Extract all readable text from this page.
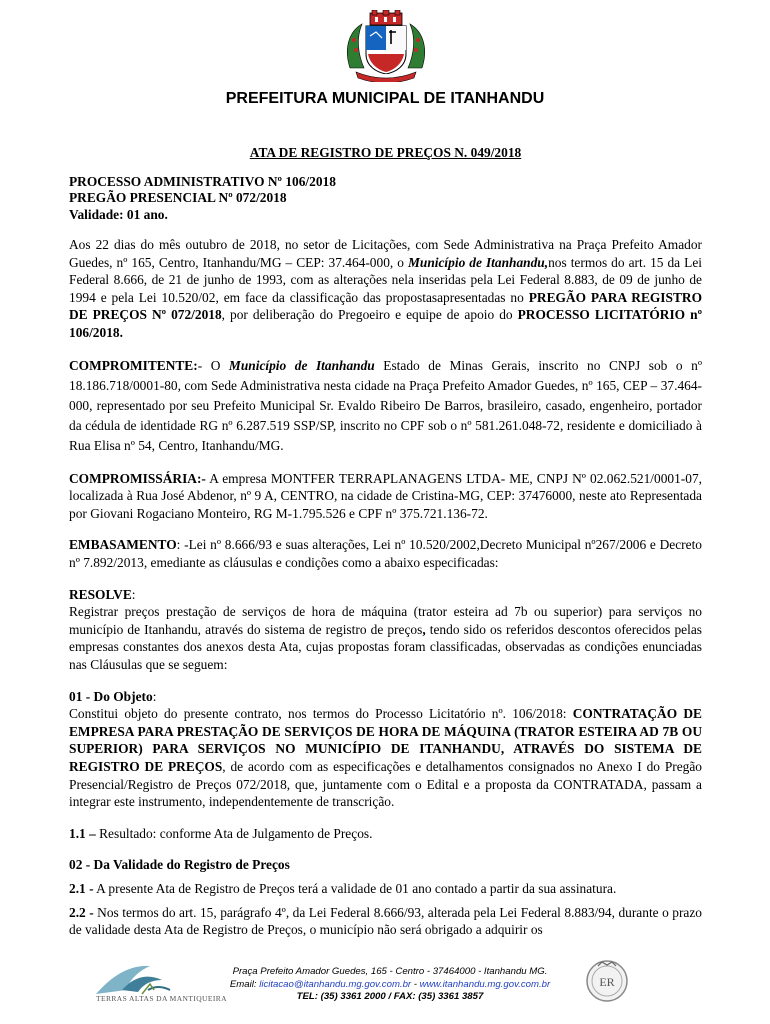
PREFEITURA MUNICIPAL DE ITANHANDU
ATA DE REGISTRO DE PREÇOS N. 049/2018
PROCESSO ADMINISTRATIVO Nº 106/2018
PREGÃO PRESENCIAL Nº 072/2018
Validade: 01 ano.

Aos 22 dias do mês outubro de 2018, no setor de Licitações, com Sede Administrativa na Praça Prefeito Amador Guedes, nº 165, Centro, Itanhandu/MG – CEP: 37.464-000, o Município de Itanhandu,nos termos do art. 15 da Lei Federal 8.666, de 21 de junho de 1993, com as alterações nela inseridas pela Lei Federal 8.883, de 09 de junho de 1994 e pela Lei 10.520/02, em face da classificação das propostasapresentadas no PREGÃO PARA REGISTRO DE PREÇOS Nº 072/2018, por deliberação do Pregoeiro e equipe de apoio do PROCESSO LICITATÓRIO nº 106/2018.

COMPROMITENTE:- O Município de Itanhandu Estado de Minas Gerais, inscrito no CNPJ sob o nº 18.186.718/0001-80, com Sede Administrativa nesta cidade na Praça Prefeito Amador Guedes, nº 165, CEP – 37.464-000, representado por seu Prefeito Municipal Sr. Evaldo Ribeiro De Barros, brasileiro, casado, engenheiro, portador da cédula de identidade RG nº 6.287.519 SSP/SP, inscrito no CPF sob o nº 581.261.048-72, residente e domiciliado à Rua Elisa nº 54, Centro, Itanhandu/MG.

COMPROMISSÁRIA:- A empresa MONTFER TERRAPLANAGENS LTDA- ME, CNPJ Nº 02.062.521/0001-07, localizada à Rua José Abdenor, nº 9 A, CENTRO, na cidade de Cristina-MG, CEP: 37476000, neste ato Representada por Giovani Rogaciano Monteiro, RG M-1.795.526 e CPF nº 375.721.136-72.

EMBASAMENTO: -Lei nº 8.666/93 e suas alterações, Lei nº 10.520/2002,Decreto Municipal nº267/2006 e Decreto nº 7.892/2013, emediante as cláusulas e condições como a abaixo especificadas:

RESOLVE:
Registrar preços prestação de serviços de hora de máquina (trator esteira ad 7b ou superior) para serviços no município de Itanhandu, através do sistema de registro de preços, tendo sido os referidos descontos oferecidos pelas empresas constantes dos anexos desta Ata, cujas propostas foram classificadas, observadas as condições enunciadas nas Cláusulas que se seguem:

01 - Do Objeto:
Constitui objeto do presente contrato, nos termos do Processo Licitatório nº. 106/2018: CONTRATAÇÃO DE EMPRESA PARA PRESTAÇÃO DE SERVIÇOS DE HORA DE MÁQUINA (TRATOR ESTEIRA AD 7B OU SUPERIOR) PARA SERVIÇOS NO MUNICÍPIO DE ITANHANDU, ATRAVÉS DO SISTEMA DE REGISTRO DE PREÇOS, de acordo com as especificações e detalhamentos consignados no Anexo I do Pregão Presencial/Registro de Preços 072/2018, que, juntamente com o Edital e a proposta da CONTRATADA, passam a integrar este instrumento, independentemente de transcrição.

1.1 – Resultado: conforme Ata de Julgamento de Preços.

02 - Da Validade do Registro de Preços

2.1 - A presente Ata de Registro de Preços terá a validade de 01 ano contado a partir da sua assinatura.

2.2 - Nos termos do art. 15, parágrafo 4º, da Lei Federal 8.666/93, alterada pela Lei Federal 8.883/94, durante o prazo de validade desta Ata de Registro de Preços, o município não será obrigado a adquirir os

TERRAS ALTAS DA MANTIQUEIRA
Praça Prefeito Amador Guedes, 165 - Centro - 37464000 - Itanhandu MG.
Email: licitacao@itanhandu.mg.gov.com.br - www.itanhandu.mg.gov.com.br
TEL: (35) 3361 2000 / FAX: (35) 3361 3857
ER
